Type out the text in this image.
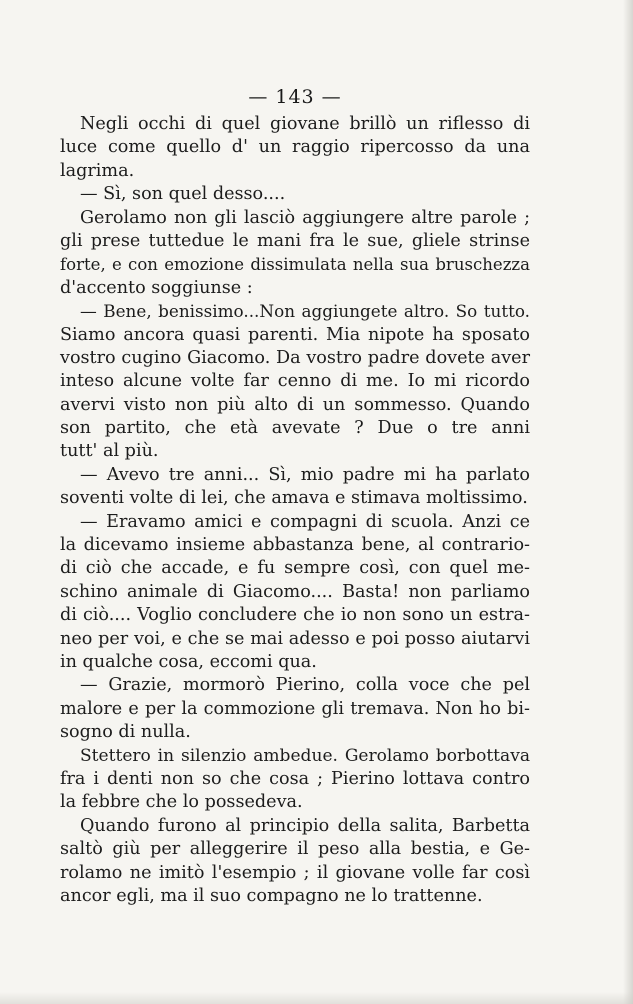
— 143 —
Negli occhi di quel giovane brillò un riflesso di
luce come quello d' un raggio ripercosso da una
lagrima.
— Sì, son quel desso....
Gerolamo non gli lasciò aggiungere altre parole ;
gli prese tuttedue le mani fra le sue, gliele strinse
forte, e con emozione dissimulata nella sua bruschezza
d'accento soggiunse :
— Bene, benissimo...Non aggiungete altro. So tutto.
Siamo ancora quasi parenti. Mia nipote ha sposato
vostro cugino Giacomo. Da vostro padre dovete aver
inteso alcune volte far cenno di me. Io mi ricordo
avervi visto non più alto di un sommesso. Quando
son partito, che età avevate ? Due o tre anni
tutt' al più.
— Avevo tre anni... Sì, mio padre mi ha parlato
soventi volte di lei, che amava e stimava moltissimo.
— Eravamo amici e compagni di scuola. Anzi ce
la dicevamo insieme abbastanza bene, al contrario-
di ciò che accade, e fu sempre così, con quel me-
schino animale di Giacomo.... Basta! non parliamo
di ciò.... Voglio concludere che io non sono un estra-
neo per voi, e che se mai adesso e poi posso aiutarvi
in qualche cosa, eccomi qua.
— Grazie, mormorò Pierino, colla voce che pel
malore e per la commozione gli tremava. Non ho bi-
sogno di nulla.
Stettero in silenzio ambedue. Gerolamo borbottava
fra i denti non so che cosa ; Pierino lottava contro
la febbre che lo possedeva.
Quando furono al principio della salita, Barbetta
saltò giù per alleggerire il peso alla bestia, e Ge-
rolamo ne imitò l'esempio ; il giovane volle far così
ancor egli, ma il suo compagno ne lo trattenne.
